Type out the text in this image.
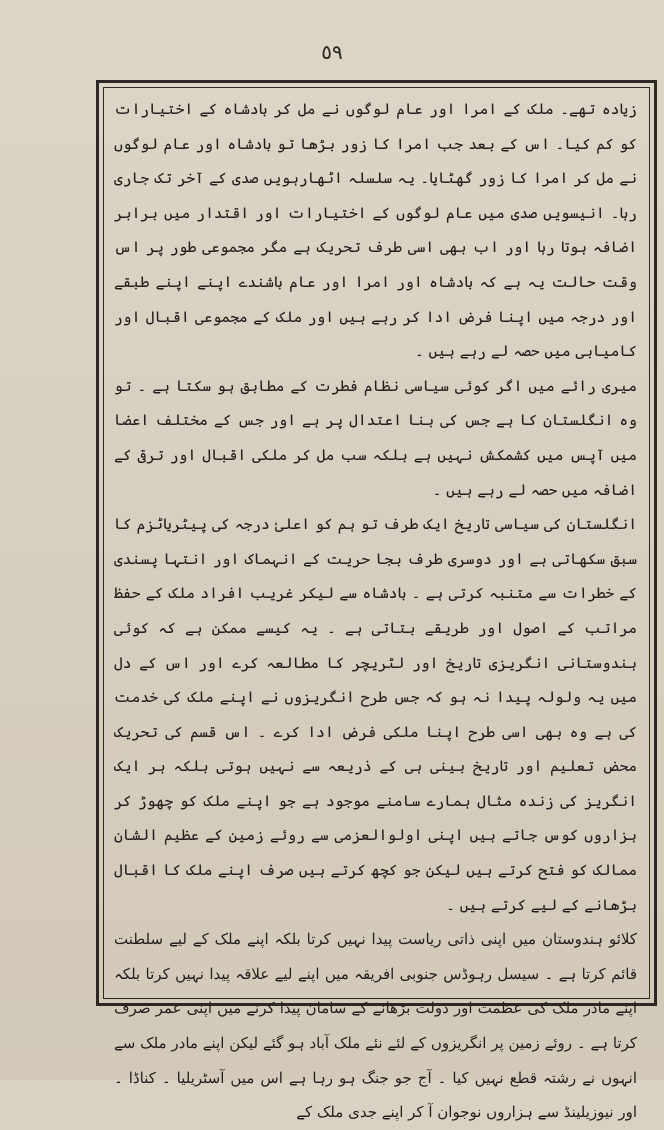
٥٩

زیادہ تھے۔ ملک کے امرا اور عام لوگوں نے مل کر بادشاہ کے اختیارات کو کم کیا۔ اس کے بعد جب امرا کا زور بڑھا تو بادشاہ اور عام لوگوں نے مل کر امرا کا زور گھٹایا۔ یہ سلسلہ اٹھارہویں صدی کے آخر تک جاری رہا۔ انیسویں صدی میں عام لوگوں کے اختیارات اور اقتدار میں برابر اضافہ ہوتا رہا اور اب بھی اسی طرف تحریک ہے مگر مجموعی طور پر اس وقت حالت یہ ہے کہ بادشاہ اور امرا اور عام باشندے اپنے اپنے طبقے اور درجہ میں اپنا فرض ادا کر رہے ہیں اور ملک کے مجموعی اقبال اور کامیابی میں حصہ لے رہے ہیں ۔

میری رائے میں اگر کوئی سیاسی نظام فطرت کے مطابق ہو سکتا ہے ۔ تو وہ انگلستان کا ہے جس کی بنا اعتدال پر ہے اور جس کے مختلف اعضا میں آپس میں کشمکش نہیں ہے بلکہ سب مل کر ملکی اقبال اور ترقی کے اضافہ میں حصہ لے رہے ہیں ۔

انگلستان کی سیاسی تاریخ ایک طرف تو ہم کو اعلیٰ درجہ کی پیٹریاٹزم کا سبق سکھاتی ہے اور دوسری طرف بجا حریت کے انہماک اور انتہا پسندی کے خطرات سے متنبہ کرتی ہے ۔ بادشاہ سے لیکر غریب افراد ملک کے حفظ مراتب کے اصول اور طریقے بتاتی ہے ۔ یہ کیسے ممکن ہے کہ کوئی ہندوستانی انگریزی تاریخ اور لٹریچر کا مطالعہ کرے اور اس کے دل میں یہ ولولہ پیدا نہ ہو کہ جس طرح انگریزوں نے اپنے ملک کی خدمت کی ہے وہ بھی اسی طرح اپنا ملکی فرض ادا کرے ۔ اس قسم کی تحریک محض تعلیم اور تاریخ بینی ہی کے ذریعہ سے نہیں ہوتی بلکہ ہر ایک انگریز کی زندہ مثال ہمارے سامنے موجود ہے جو اپنے ملک کو چھوڑ کر ہزاروں کوس جاتے ہیں اپنی اولوالعزمی سے روئے زمین کے عظیم الشان ممالک کو فتح کرتے ہیں لیکن جو کچھ کرتے ہیں صرف اپنے ملک کا اقبال بڑھانے کے لیے کرتے ہیں ۔

کلائو ہندوستان میں اپنی ذاتی ریاست پیدا نہیں کرتا بلکہ اپنے ملک کے لیے سلطنت قائم کرتا ہے ۔ سیسل رہوڈس جنوبی افریقہ میں اپنے لیے علاقہ پیدا نہیں کرتا بلکہ اپنے مادر ملک کی عظمت اور دولت بڑھانے کے سامان پیدا کرنے میں اپنی عمر صرف کرتا ہے ۔ روئے زمین پر انگریزوں کے لئے نئے ملک آباد ہو گئے لیکن اپنے مادر ملک سے انہوں نے رشتہ قطع نہیں کیا ۔ آج جو جنگ ہو رہا ہے اس میں آسٹریلیا ۔ کناڈا ۔ اور نیوزیلینڈ سے ہزاروں نوجوان آ کر اپنے جدی ملک کے
